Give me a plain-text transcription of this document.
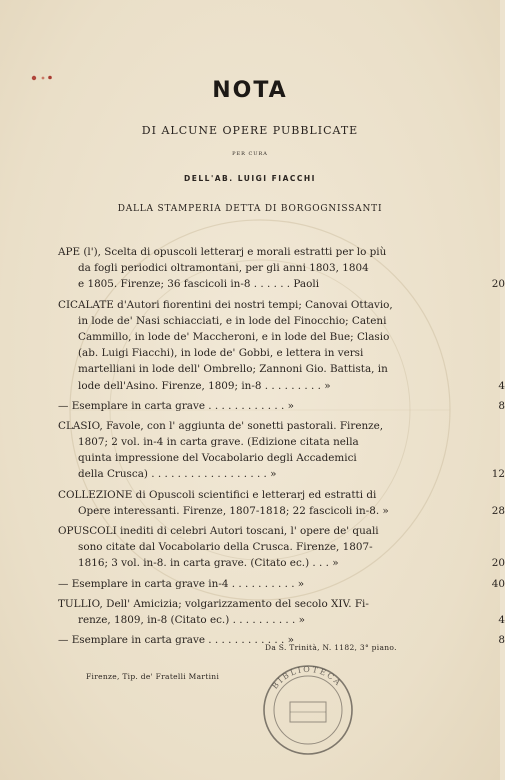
NOTA
DI ALCUNE OPERE PUBBLICATE
PER CURA
DELL'AB. LUIGI FIACCHI
DALLA STAMPERIA DETTA DI BORGOGNISSANTI
APE (l'), Scelta di opuscoli letterarj e morali estratti per lo più
da fogli periodici oltramontani, per gli anni 1803, 1804
e 1805. Firenze; 36 fascicoli in-8 . . . . . . Paoli	20
CICALATE d'Autori fiorentini dei nostri tempi; Canovai Ottavio,
in lode de' Nasi schiacciati, e in lode del Finocchio; Cateni
Cammillo, in lode de' Maccheroni, e in lode del Bue; Clasio
(ab. Luigi Fiacchi), in lode de' Gobbi, e lettera in versi
martelliani in lode dell' Ombrello; Zannoni Gio. Battista, in
lode dell'Asino. Firenze, 1809; in-8 . . . . . . . . . »	4
— Esemplare in carta grave . . . . . . . . . . . . »	8
CLASIO, Favole, con l' aggiunta de' sonetti pastorali. Firenze,
1807; 2 vol. in-4 in carta grave. (Edizione citata nella
quinta impressione del Vocabolario degli Accademici
della Crusca) . . . . . . . . . . . . . . . . . . »	12
COLLEZIONE di Opuscoli scientifici e letterarj ed estratti di
Opere interessanti. Firenze, 1807-1818; 22 fascicoli in-8. »	28
OPUSCOLI inediti di celebri Autori toscani, l' opere de' quali
sono citate dal Vocabolario della Crusca. Firenze, 1807-
1816; 3 vol. in-8. in carta grave. (Citato ec.) . . . »	20
— Esemplare in carta grave in-4 . . . . . . . . . . »	40
TULLIO, Dell' Amicizia; volgarizzamento del secolo XIV. Fi-
renze, 1809, in-8 (Citato ec.) . . . . . . . . . . »	4
— Esemplare in carta grave . . . . . . . . . . . . »	8
Da S. Trinità, N. 1182, 3° piano.
Firenze, Tip. de' Fratelli Martini
BIBLIOTECA
